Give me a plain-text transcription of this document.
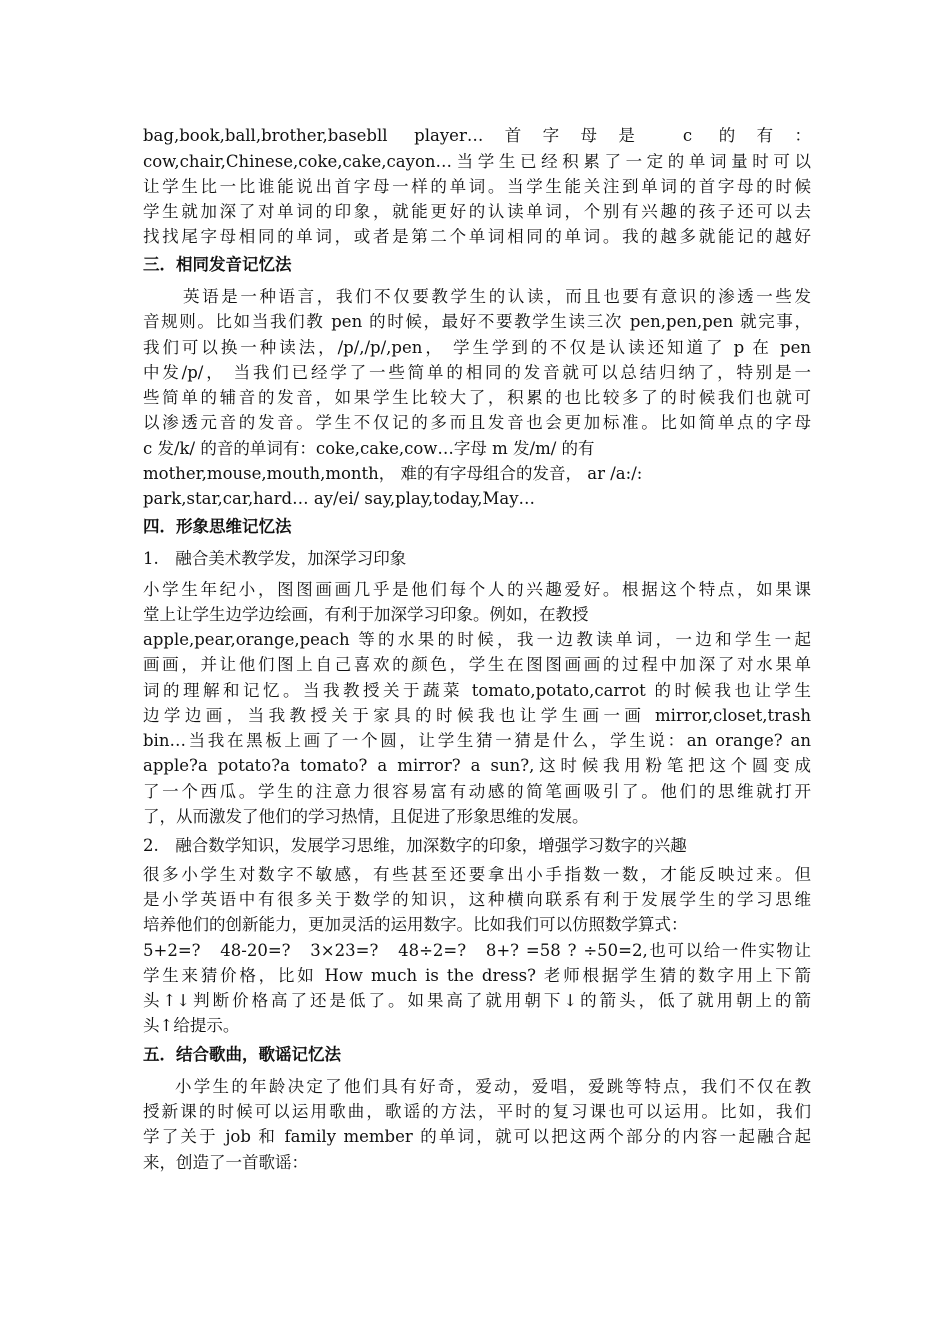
bag,book,ball,brother,basebll player…首字母是 c 的有：
cow,chair,Chinese,coke,cake,cayon…当学生已经积累了一定的单词量时可以
让学生比一比谁能说出首字母一样的单词。当学生能关注到单词的首字母的时候
学生就加深了对单词的印象，就能更好的认读单词，个别有兴趣的孩子还可以去
找找尾字母相同的单词，或者是第二个单词相同的单词。我的越多就能记的越好
三．相同发音记忆法
英语是一种语言，我们不仅要教学生的认读，而且也要有意识的渗透一些发
音规则。比如当我们教 pen 的时候，最好不要教学生读三次 pen,pen,pen 就完事，
我们可以换一种读法，/p/,/p/,pen， 学生学到的不仅是认读还知道了 p 在 pen
中发/p/， 当我们已经学了一些简单的相同的发音就可以总结归纳了，特别是一
些简单的辅音的发音，如果学生比较大了，积累的也比较多了的时候我们也就可
以渗透元音的发音。学生不仅记的多而且发音也会更加标准。比如简单点的字母
c 发/k/ 的音的单词有：coke,cake,cow…字母 m 发/m/ 的有
mother,mouse,mouth,month， 难的有字母组合的发音， ar /a:/:
park,star,car,hard… ay/ei/ say,play,today,May…
四．形象思维记忆法
1.　融合美术教学发，加深学习印象
小学生年纪小，图图画画几乎是他们每个人的兴趣爱好。根据这个特点，如果课
堂上让学生边学边绘画，有利于加深学习印象。例如，在教授
apple,pear,orange,peach 等的水果的时候，我一边教读单词，一边和学生一起
画画，并让他们图上自己喜欢的颜色，学生在图图画画的过程中加深了对水果单
词的理解和记忆。当我教授关于蔬菜 tomato,potato,carrot 的时候我也让学生
边学边画，当我教授关于家具的时候我也让学生画一画 mirror,closet,trash
bin…当我在黑板上画了一个圆，让学生猜一猜是什么，学生说：an orange? an
apple?a potato?a tomato? a mirror? a sun?,这时候我用粉笔把这个圆变成
了一个西瓜。学生的注意力很容易富有动感的简笔画吸引了。他们的思维就打开
了，从而激发了他们的学习热情，且促进了形象思维的发展。
2.　融合数学知识，发展学习思维，加深数字的印象，增强学习数字的兴趣
很多小学生对数字不敏感，有些甚至还要拿出小手指数一数，才能反映过来。但
是小学英语中有很多关于数学的知识，这种横向联系有利于发展学生的学习思维
培养他们的创新能力，更加灵活的运用数字。比如我们可以仿照数学算式：
5+2=?　48-20=?　3×23=?　48÷2=?　8+? =58 ? ÷50=2,也可以给一件实物让
学生来猜价格，比如 How much is the dress? 老师根据学生猜的数字用上下箭
头↑↓判断价格高了还是低了。如果高了就用朝下↓的箭头，低了就用朝上的箭
头↑给提示。
五．结合歌曲，歌谣记忆法
小学生的年龄决定了他们具有好奇，爱动，爱唱，爱跳等特点，我们不仅在教
授新课的时候可以运用歌曲，歌谣的方法，平时的复习课也可以运用。比如，我们
学了关于 job 和 family member 的单词，就可以把这两个部分的内容一起融合起
来，创造了一首歌谣：
